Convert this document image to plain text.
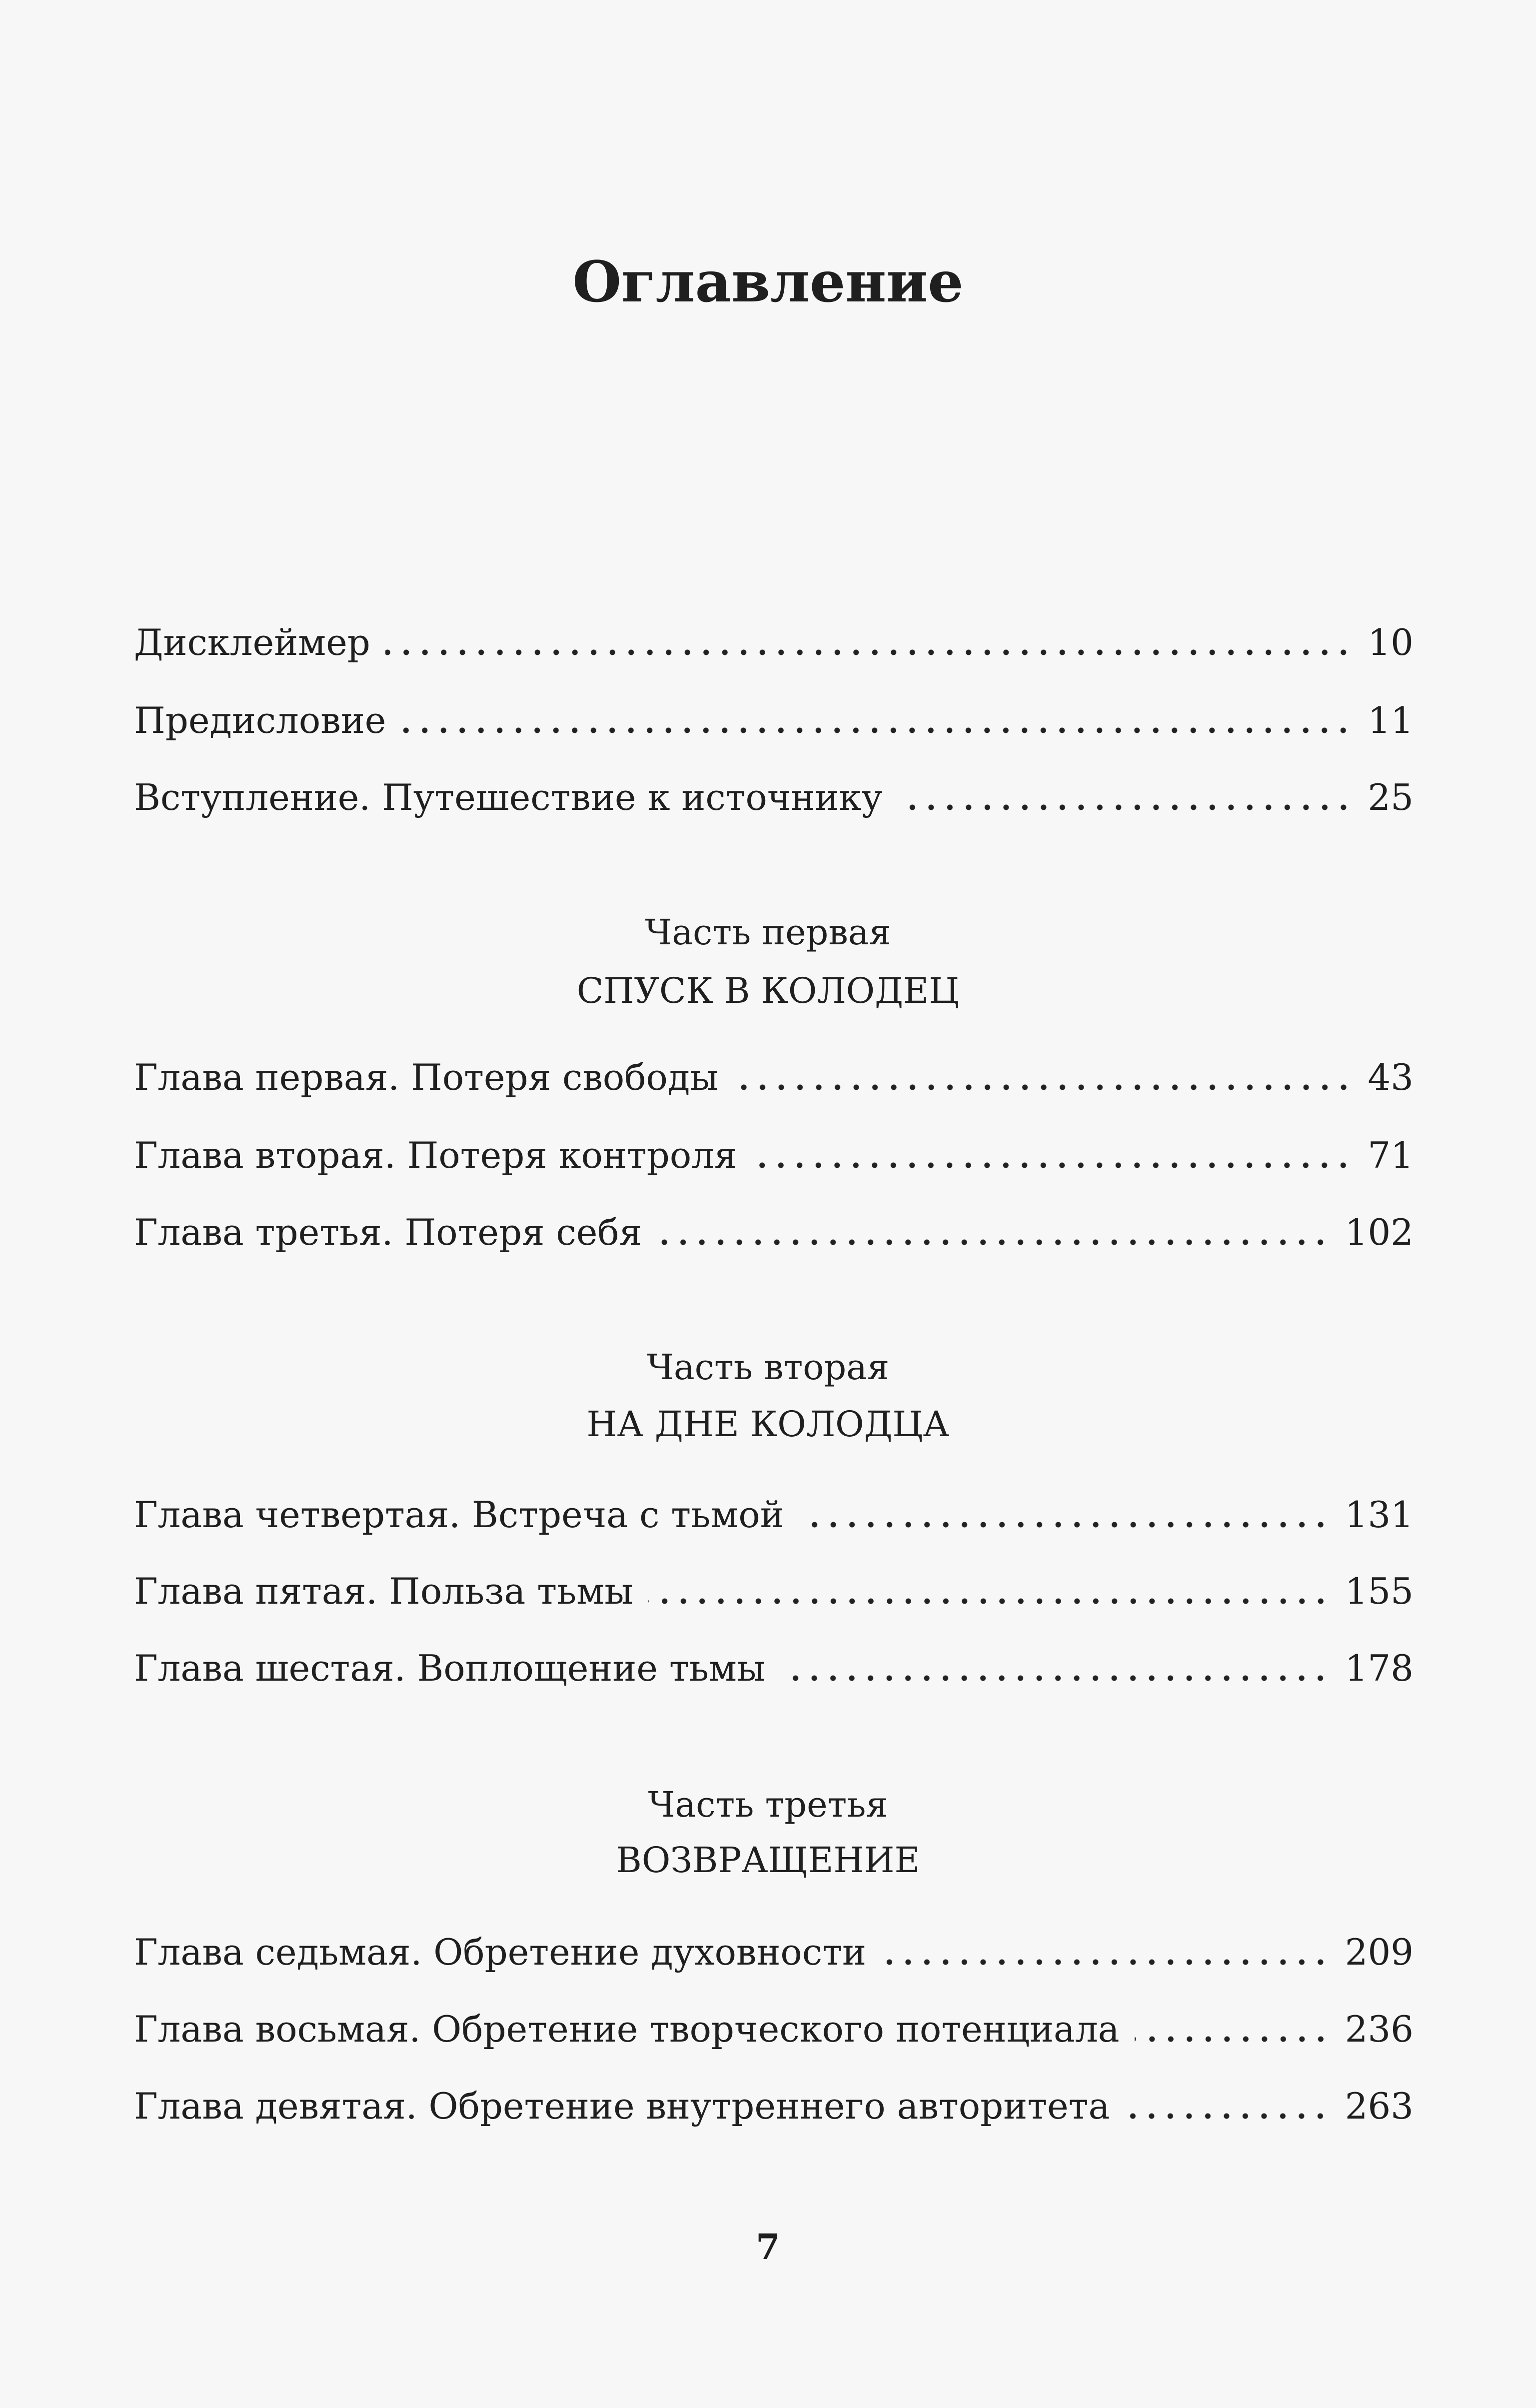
Оглавление
Дисклеймер	10
Предисловие	11
Вступление. Путешествие к источнику	25
Часть первая
СПУСК В КОЛОДЕЦ
Глава первая. Потеря свободы	43
Глава вторая. Потеря контроля	71
Глава третья. Потеря себя	102
Часть вторая
НА ДНЕ КОЛОДЦА
Глава четвертая. Встреча с тьмой	131
Глава пятая. Польза тьмы	155
Глава шестая. Воплощение тьмы	178
Часть третья
ВОЗВРАЩЕНИЕ
Глава седьмая. Обретение духовности	209
Глава восьмая. Обретение творческого потенциала	236
Глава девятая. Обретение внутреннего авторитета	263
7
